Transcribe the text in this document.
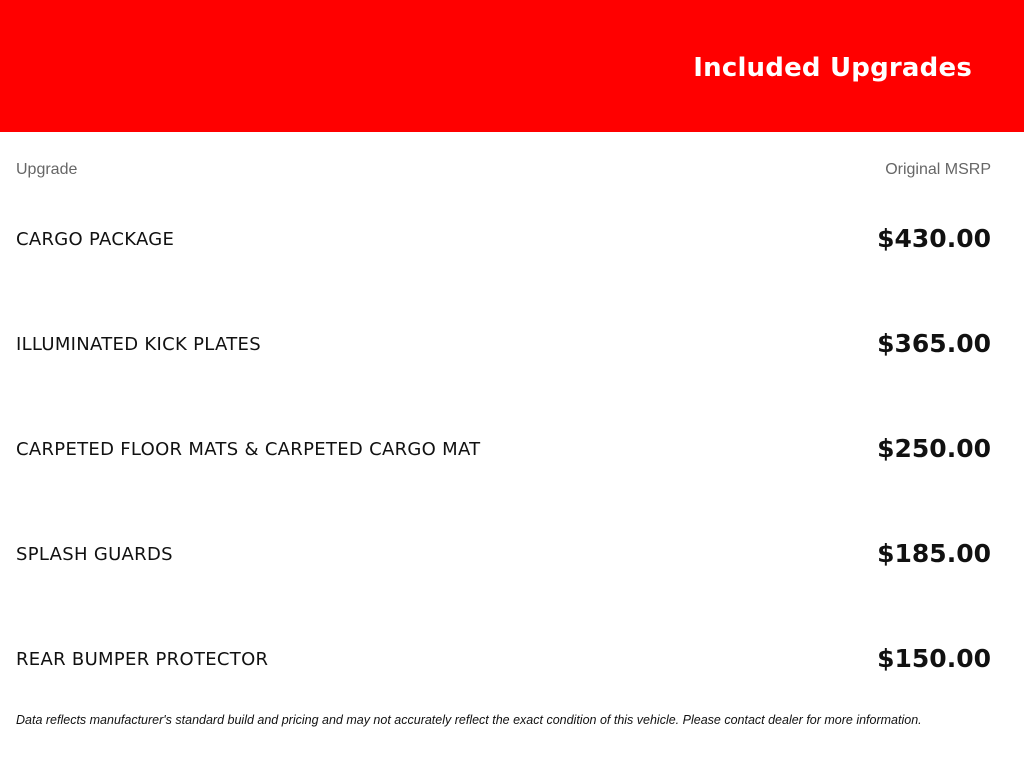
Included Upgrades
Upgrade	Original MSRP
CARGO PACKAGE	$430.00
ILLUMINATED KICK PLATES	$365.00
CARPETED FLOOR MATS & CARPETED CARGO MAT	$250.00
SPLASH GUARDS	$185.00
REAR BUMPER PROTECTOR	$150.00
Data reflects manufacturer's standard build and pricing and may not accurately reflect the exact condition of this vehicle. Please contact dealer for more information.
